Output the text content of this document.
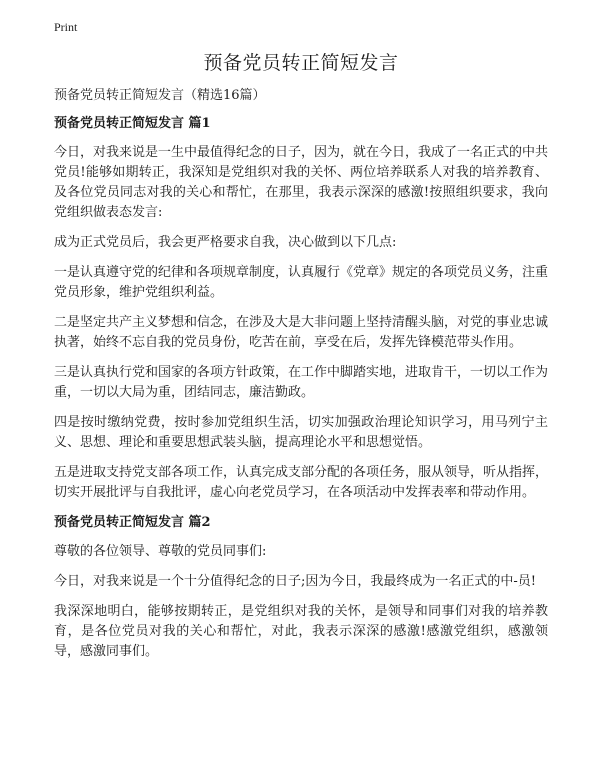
Print
预备党员转正简短发言

预备党员转正简短发言（精选16篇）

预备党员转正简短发言 篇1

今日，对我来说是一生中最值得纪念的日子，因为，就在今日，我成了一名正式的中共党员!能够如期转正，我深知是党组织对我的关怀、两位培养联系人对我的培养教育、及各位党员同志对我的关心和帮忙，在那里，我表示深深的感激!按照组织要求，我向党组织做表态发言:

成为正式党员后，我会更严格要求自我，决心做到以下几点:

一是认真遵守党的纪律和各项规章制度，认真履行《党章》规定的各项党员义务，注重党员形象，维护党组织利益。

二是坚定共产主义梦想和信念，在涉及大是大非问题上坚持清醒头脑，对党的事业忠诚执著，始终不忘自我的党员身份，吃苦在前，享受在后，发挥先锋模范带头作用。

三是认真执行党和国家的各项方针政策，在工作中脚踏实地，进取肯干，一切以工作为重，一切以大局为重，团结同志，廉洁勤政。

四是按时缴纳党费，按时参加党组织生活，切实加强政治理论知识学习，用马列宁主义、思想、理论和重要思想武装头脑，提高理论水平和思想觉悟。

五是进取支持党支部各项工作，认真完成支部分配的各项任务，服从领导，听从指挥，切实开展批评与自我批评，虚心向老党员学习，在各项活动中发挥表率和带动作用。

预备党员转正简短发言 篇2

尊敬的各位领导、尊敬的党员同事们:

今日，对我来说是一个十分值得纪念的日子;因为今日，我最终成为一名正式的中-员!

我深深地明白，能够按期转正，是党组织对我的关怀，是领导和同事们对我的培养教育，是各位党员对我的关心和帮忙，对此，我表示深深的感激!感激党组织，感激领导，感激同事们。
